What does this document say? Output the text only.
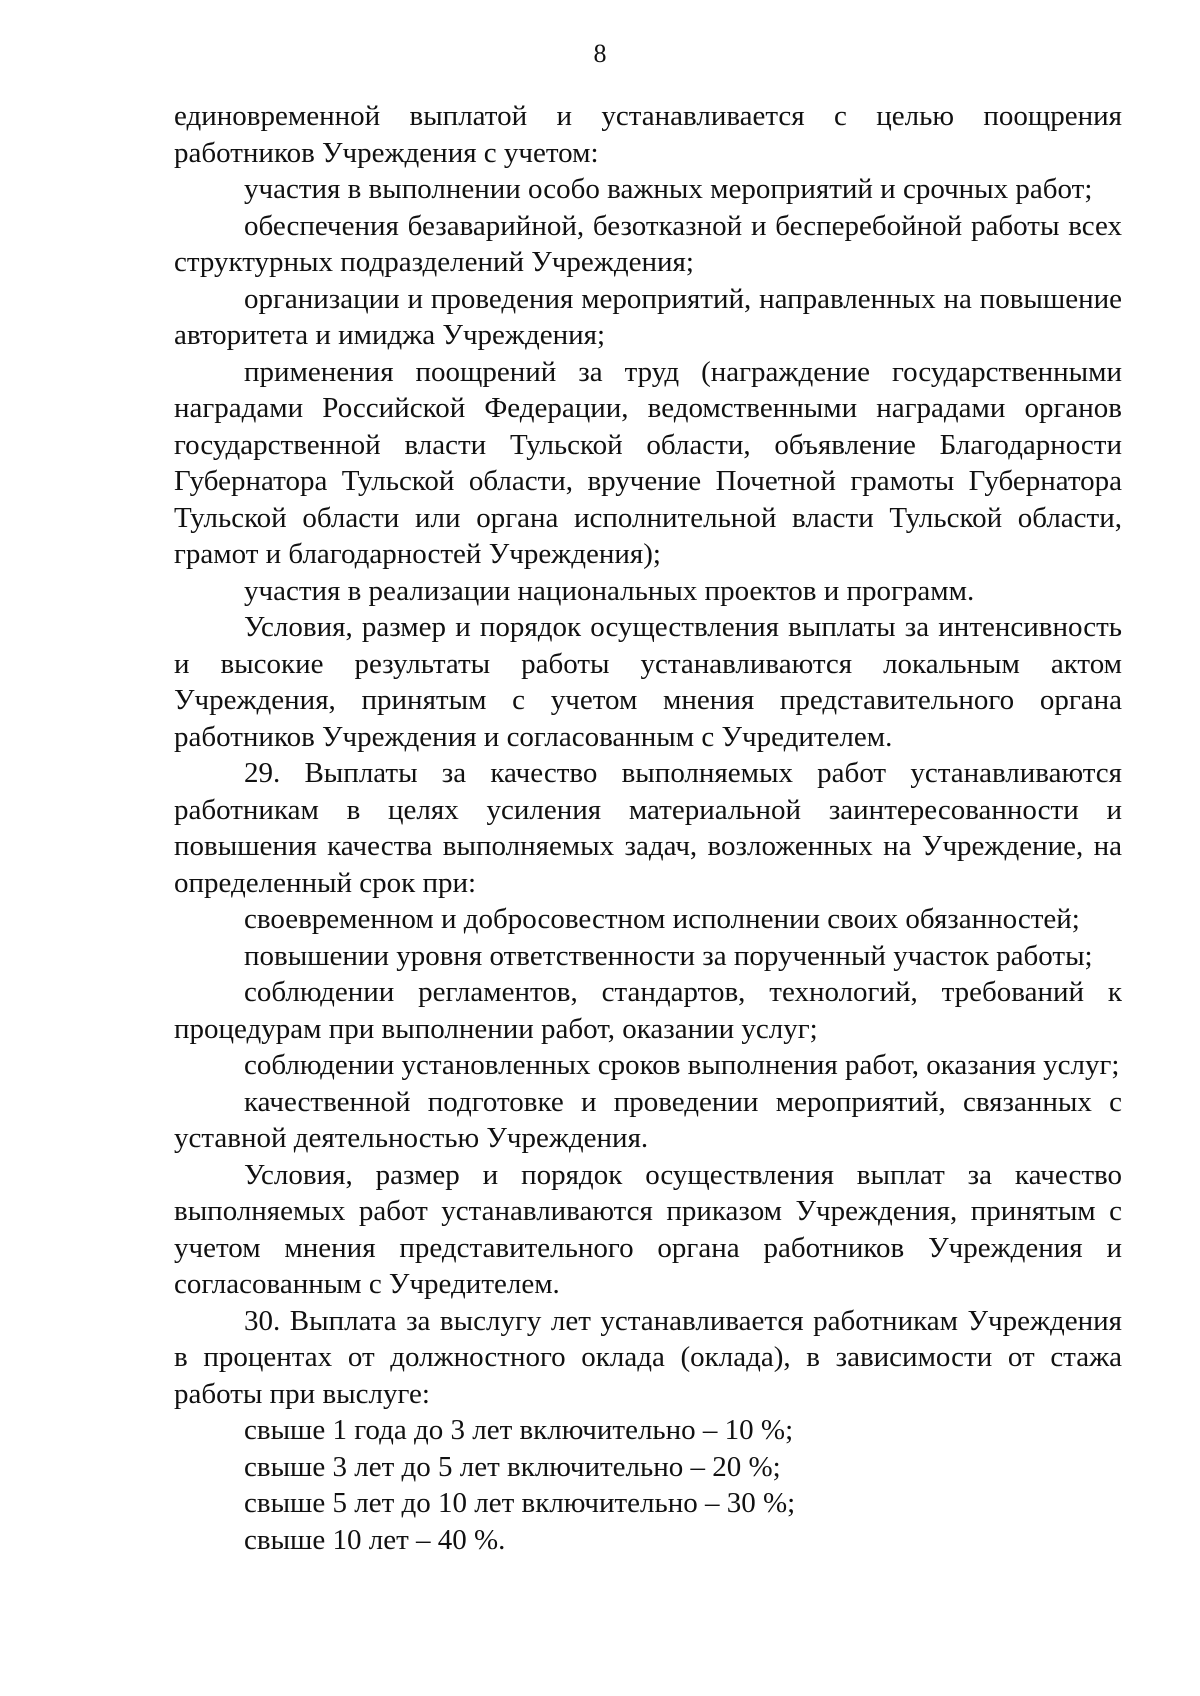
8

единовременной выплатой и устанавливается с целью поощрения работников Учреждения с учетом:

участия в выполнении особо важных мероприятий и срочных работ;

обеспечения безаварийной, безотказной и бесперебойной работы всех структурных подразделений Учреждения;

организации и проведения мероприятий, направленных на повышение авторитета и имиджа Учреждения;

применения поощрений за труд (награждение государственными наградами Российской Федерации, ведомственными наградами органов государственной власти Тульской области, объявление Благодарности Губернатора Тульской области, вручение Почетной грамоты Губернатора Тульской области или органа исполнительной власти Тульской области, грамот и благодарностей Учреждения);

участия в реализации национальных проектов и программ.

Условия, размер и порядок осуществления выплаты за интенсивность и высокие результаты работы устанавливаются локальным актом Учреждения, принятым с учетом мнения представительного органа работников Учреждения и согласованным с Учредителем.

29. Выплаты за качество выполняемых работ устанавливаются работникам в целях усиления материальной заинтересованности и повышения качества выполняемых задач, возложенных на Учреждение, на определенный срок при:

своевременном и добросовестном исполнении своих обязанностей;

повышении уровня ответственности за порученный участок работы;

соблюдении регламентов, стандартов, технологий, требований к процедурам при выполнении работ, оказании услуг;

соблюдении установленных сроков выполнения работ, оказания услуг;

качественной подготовке и проведении мероприятий, связанных с уставной деятельностью Учреждения.

Условия, размер и порядок осуществления выплат за качество выполняемых работ устанавливаются приказом Учреждения, принятым с учетом мнения представительного органа работников Учреждения и согласованным с Учредителем.

30. Выплата за выслугу лет устанавливается работникам Учреждения в процентах от должностного оклада (оклада), в зависимости от стажа работы при выслуге:

свыше 1 года до 3 лет включительно – 10 %;

свыше 3 лет до 5 лет включительно – 20 %;

свыше 5 лет до 10 лет включительно – 30 %;

свыше 10 лет – 40 %.
